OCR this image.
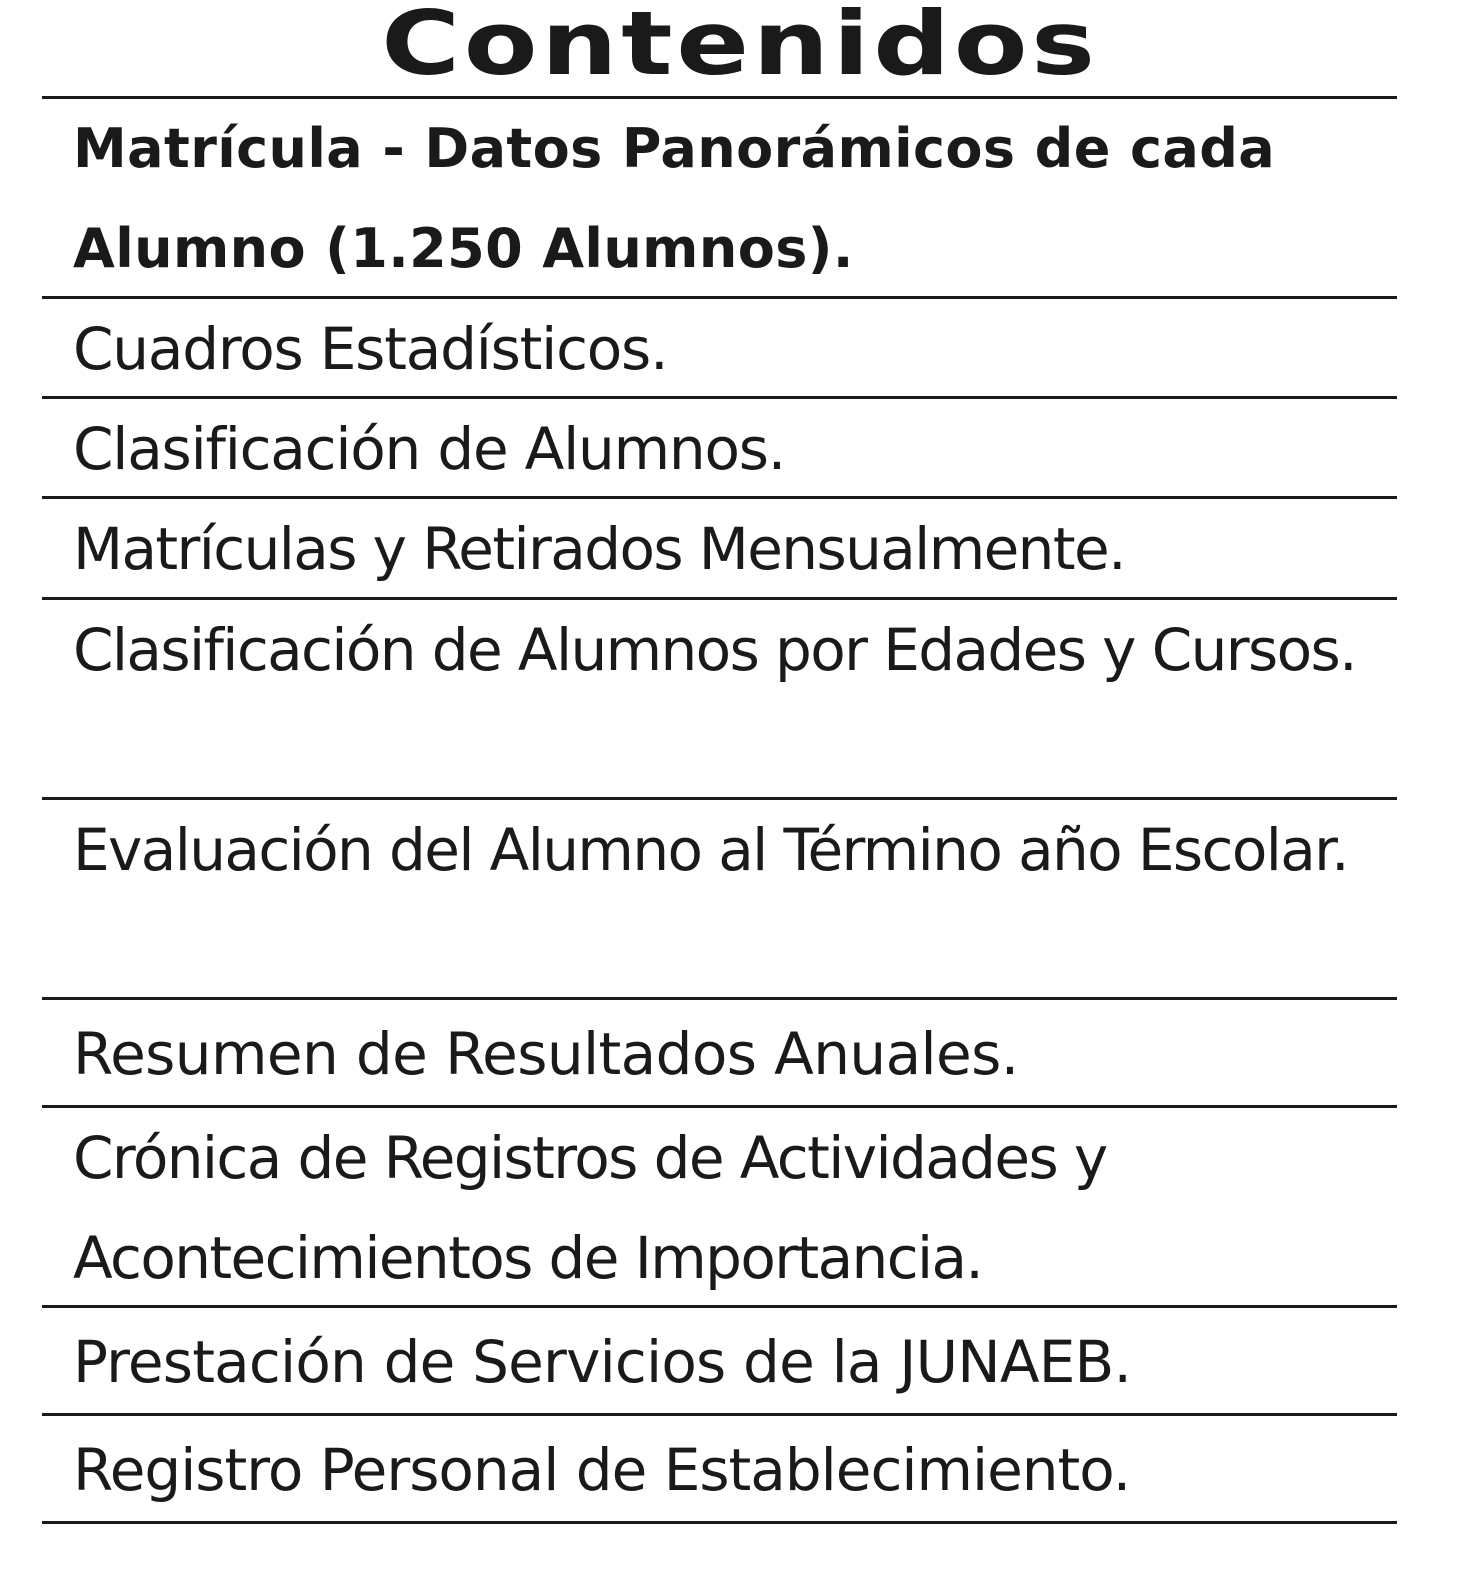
Contenidos
Matrícula - Datos Panorámicos de cada Alumno (1.250 Alumnos).
Cuadros Estadísticos.
Clasificación de Alumnos.
Matrículas y Retirados Mensualmente.
Clasificación de Alumnos por Edades y Cursos.
Evaluación del Alumno al Término año Escolar.
Resumen de Resultados Anuales.
Crónica de Registros de Actividades y Acontecimientos de Importancia.
Prestación de Servicios de la JUNAEB.
Registro Personal de Establecimiento.
